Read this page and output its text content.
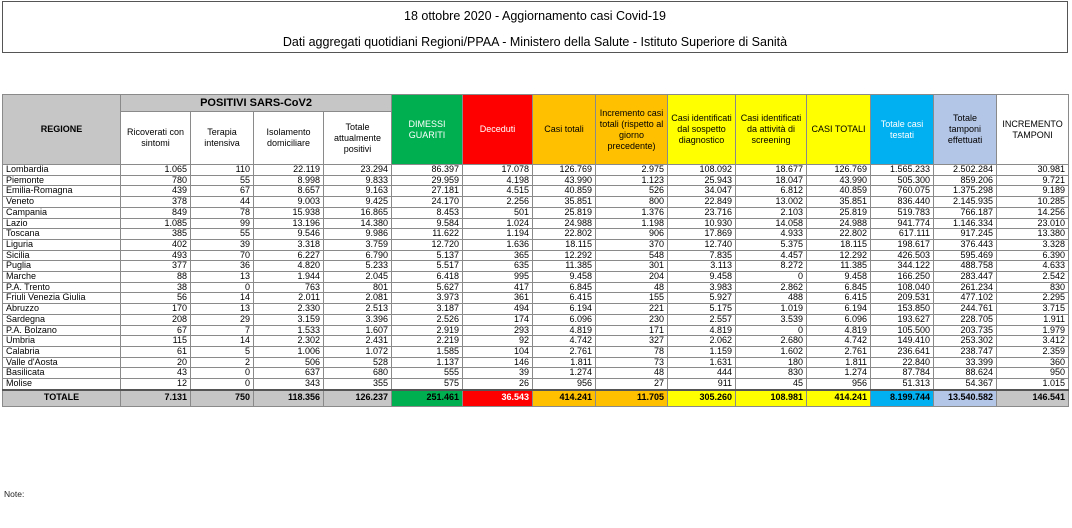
18 ottobre 2020 - Aggiornamento casi Covid-19
Dati aggregati quotidiani Regioni/PPAA - Ministero della Salute - Istituto Superiore di Sanità
REGIONE	POSITIVI SARS-CoV2				DIMESSI GUARITI	Deceduti	Casi totali	Incremento casi totali (rispetto al giorno precedente)	Casi identificati dal sospetto diagnostico	Casi identificati da attività di screening	CASI TOTALI	Totale casi testati	Totale tamponi effettuati	INCREMENTO TAMPONI
	Ricoverati con sintomi	Terapia intensiva	Isolamento domiciliare	Totale attualmente positivi										
Lombardia	1.065	110	22.119	23.294	86.397	17.078	126.769	2.975	108.092	18.677	126.769	1.565.233	2.502.284	30.981
Piemonte	780	55	8.998	9.833	29.959	4.198	43.990	1.123	25.943	18.047	43.990	505.300	859.206	9.721
Emilia-Romagna	439	67	8.657	9.163	27.181	4.515	40.859	526	34.047	6.812	40.859	760.075	1.375.298	9.189
Veneto	378	44	9.003	9.425	24.170	2.256	35.851	800	22.849	13.002	35.851	836.440	2.145.935	10.285
Campania	849	78	15.938	16.865	8.453	501	25.819	1.376	23.716	2.103	25.819	519.783	766.187	14.256
Lazio	1.085	99	13.196	14.380	9.584	1.024	24.988	1.198	10.930	14.058	24.988	941.774	1.146.334	23.010
Toscana	385	55	9.546	9.986	11.622	1.194	22.802	906	17.869	4.933	22.802	617.111	917.245	13.380
Liguria	402	39	3.318	3.759	12.720	1.636	18.115	370	12.740	5.375	18.115	198.617	376.443	3.328
Sicilia	493	70	6.227	6.790	5.137	365	12.292	548	7.835	4.457	12.292	426.503	595.469	6.390
Puglia	377	36	4.820	5.233	5.517	635	11.385	301	3.113	8.272	11.385	344.122	488.758	4.633
Marche	88	13	1.944	2.045	6.418	995	9.458	204	9.458	0	9.458	166.250	283.447	2.542
P.A. Trento	38	0	763	801	5.627	417	6.845	48	3.983	2.862	6.845	108.040	261.234	830
Friuli Venezia Giulia	56	14	2.011	2.081	3.973	361	6.415	155	5.927	488	6.415	209.531	477.102	2.295
Abruzzo	170	13	2.330	2.513	3.187	494	6.194	221	5.175	1.019	6.194	153.850	244.761	3.715
Sardegna	208	29	3.159	3.396	2.526	174	6.096	230	2.557	3.539	6.096	193.627	228.705	1.911
P.A. Bolzano	67	7	1.533	1.607	2.919	293	4.819	171	4.819	0	4.819	105.500	203.735	1.979
Umbria	115	14	2.302	2.431	2.219	92	4.742	327	2.062	2.680	4.742	149.410	253.302	3.412
Calabria	61	5	1.006	1.072	1.585	104	2.761	78	1.159	1.602	2.761	236.641	238.747	2.359
Valle d'Aosta	20	2	506	528	1.137	146	1.811	73	1.631	180	1.811	22.840	33.399	360
Basilicata	43	0	637	680	555	39	1.274	48	444	830	1.274	87.784	88.624	950
Molise	12	0	343	355	575	26	956	27	911	45	956	51.313	54.367	1.015
TOTALE	7.131	750	118.356	126.237	251.461	36.543	414.241	11.705	305.260	108.981	414.241	8.199.744	13.540.582	146.541
Note:
